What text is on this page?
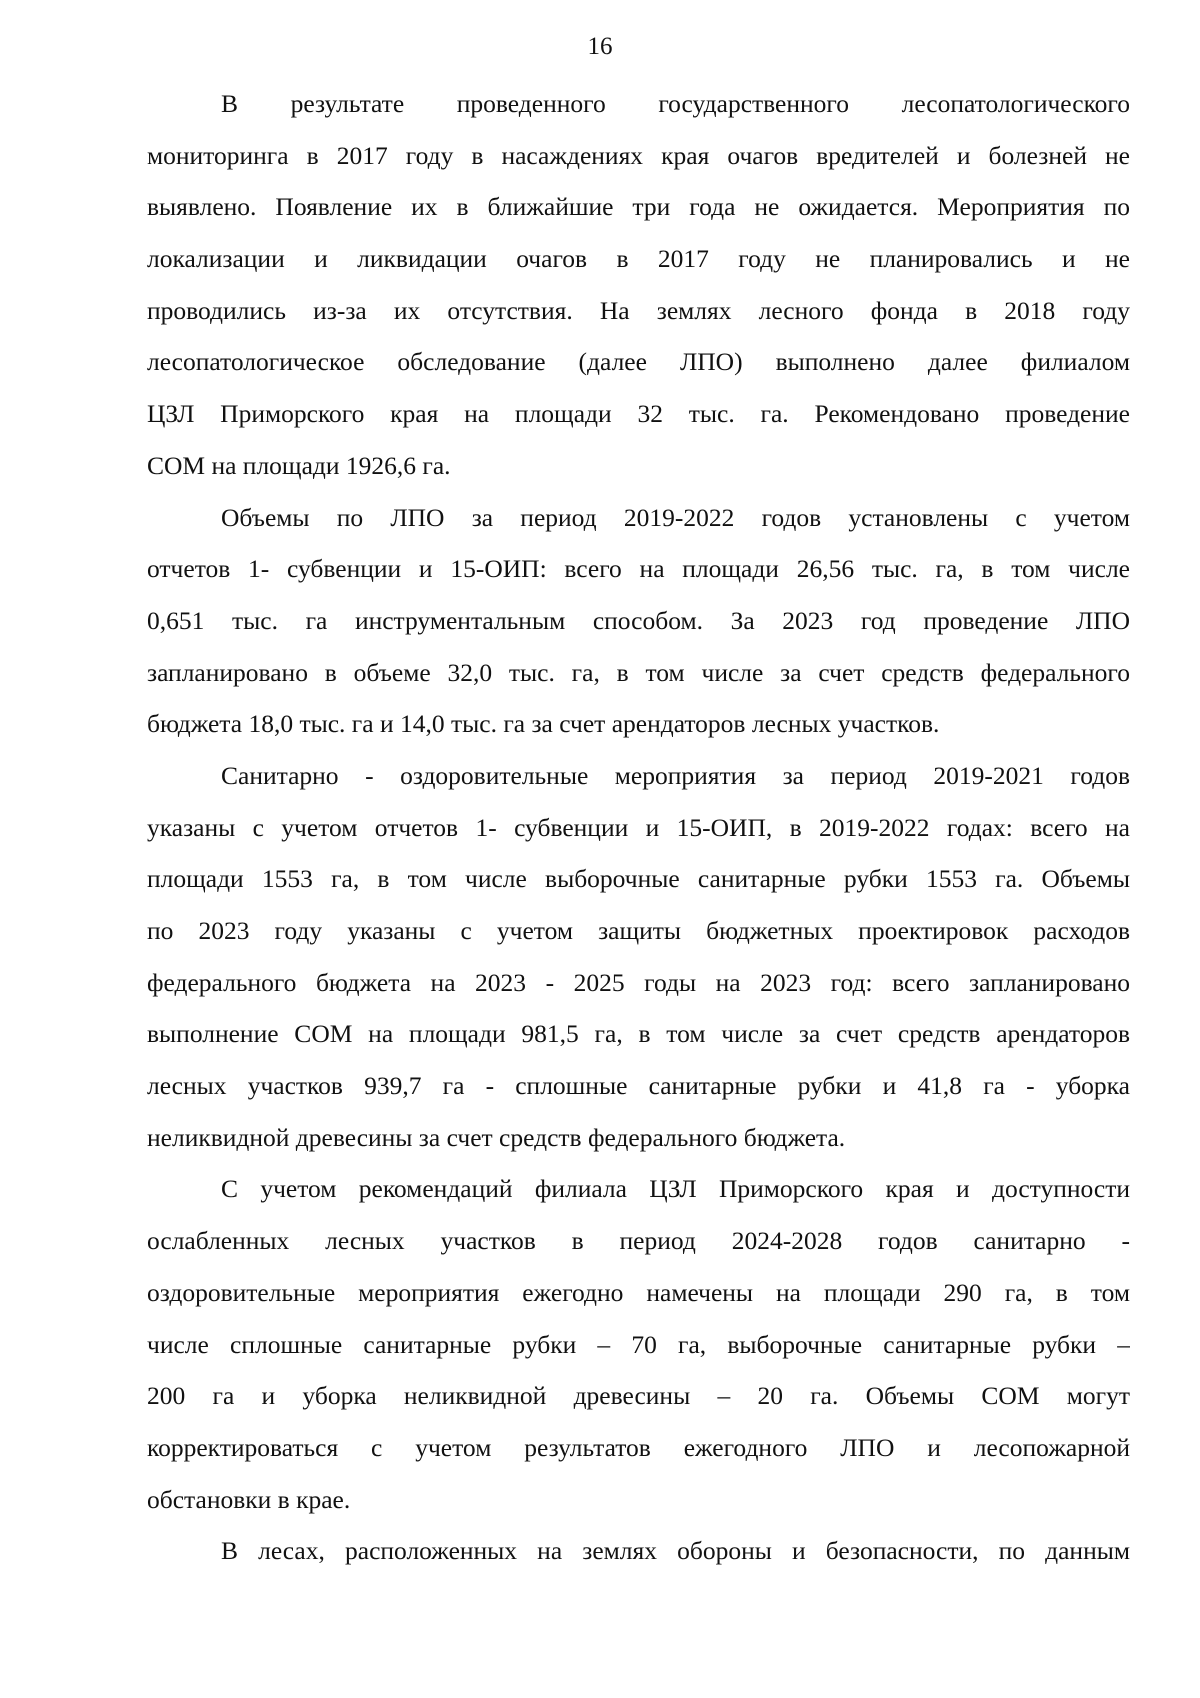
16
В результате проведенного государственного лесопатологического
мониторинга в 2017 году в насаждениях края очагов вредителей и болезней не
выявлено. Появление их в ближайшие три года не ожидается. Мероприятия по
локализации и ликвидации очагов в 2017 году не планировались и не
проводились из-за их отсутствия. На землях лесного фонда в 2018 году
лесопатологическое обследование (далее ЛПО) выполнено далее филиалом
ЦЗЛ Приморского края на площади 32 тыс. га. Рекомендовано проведение
СОМ на площади 1926,6 га.
Объемы по ЛПО за период 2019-2022 годов установлены с учетом
отчетов 1- субвенции и 15-ОИП: всего на площади 26,56 тыс. га, в том числе
0,651 тыс. га инструментальным способом. За 2023 год проведение ЛПО
запланировано в объеме 32,0 тыс. га, в том числе за счет средств федерального
бюджета 18,0 тыс. га и 14,0 тыс. га за счет арендаторов лесных участков.
Санитарно - оздоровительные мероприятия за период 2019-2021 годов
указаны с учетом отчетов 1- субвенции и 15-ОИП, в 2019-2022 годах: всего на
площади 1553 га, в том числе выборочные санитарные рубки 1553 га. Объемы
по 2023 году указаны с учетом защиты бюджетных проектировок расходов
федерального бюджета на 2023 - 2025 годы на 2023 год: всего запланировано
выполнение СОМ на площади 981,5 га, в том числе за счет средств арендаторов
лесных участков 939,7 га - сплошные санитарные рубки и 41,8 га - уборка
неликвидной древесины за счет средств федерального бюджета.
С учетом рекомендаций филиала ЦЗЛ Приморского края и доступности
ослабленных лесных участков в период 2024-2028 годов санитарно -
оздоровительные мероприятия ежегодно намечены на площади 290 га, в том
числе сплошные санитарные рубки – 70 га, выборочные санитарные рубки –
200 га и уборка неликвидной древесины – 20 га. Объемы СОМ могут
корректироваться с учетом результатов ежегодного ЛПО и лесопожарной
обстановки в крае.
В лесах, расположенных на землях обороны и безопасности, по данным
